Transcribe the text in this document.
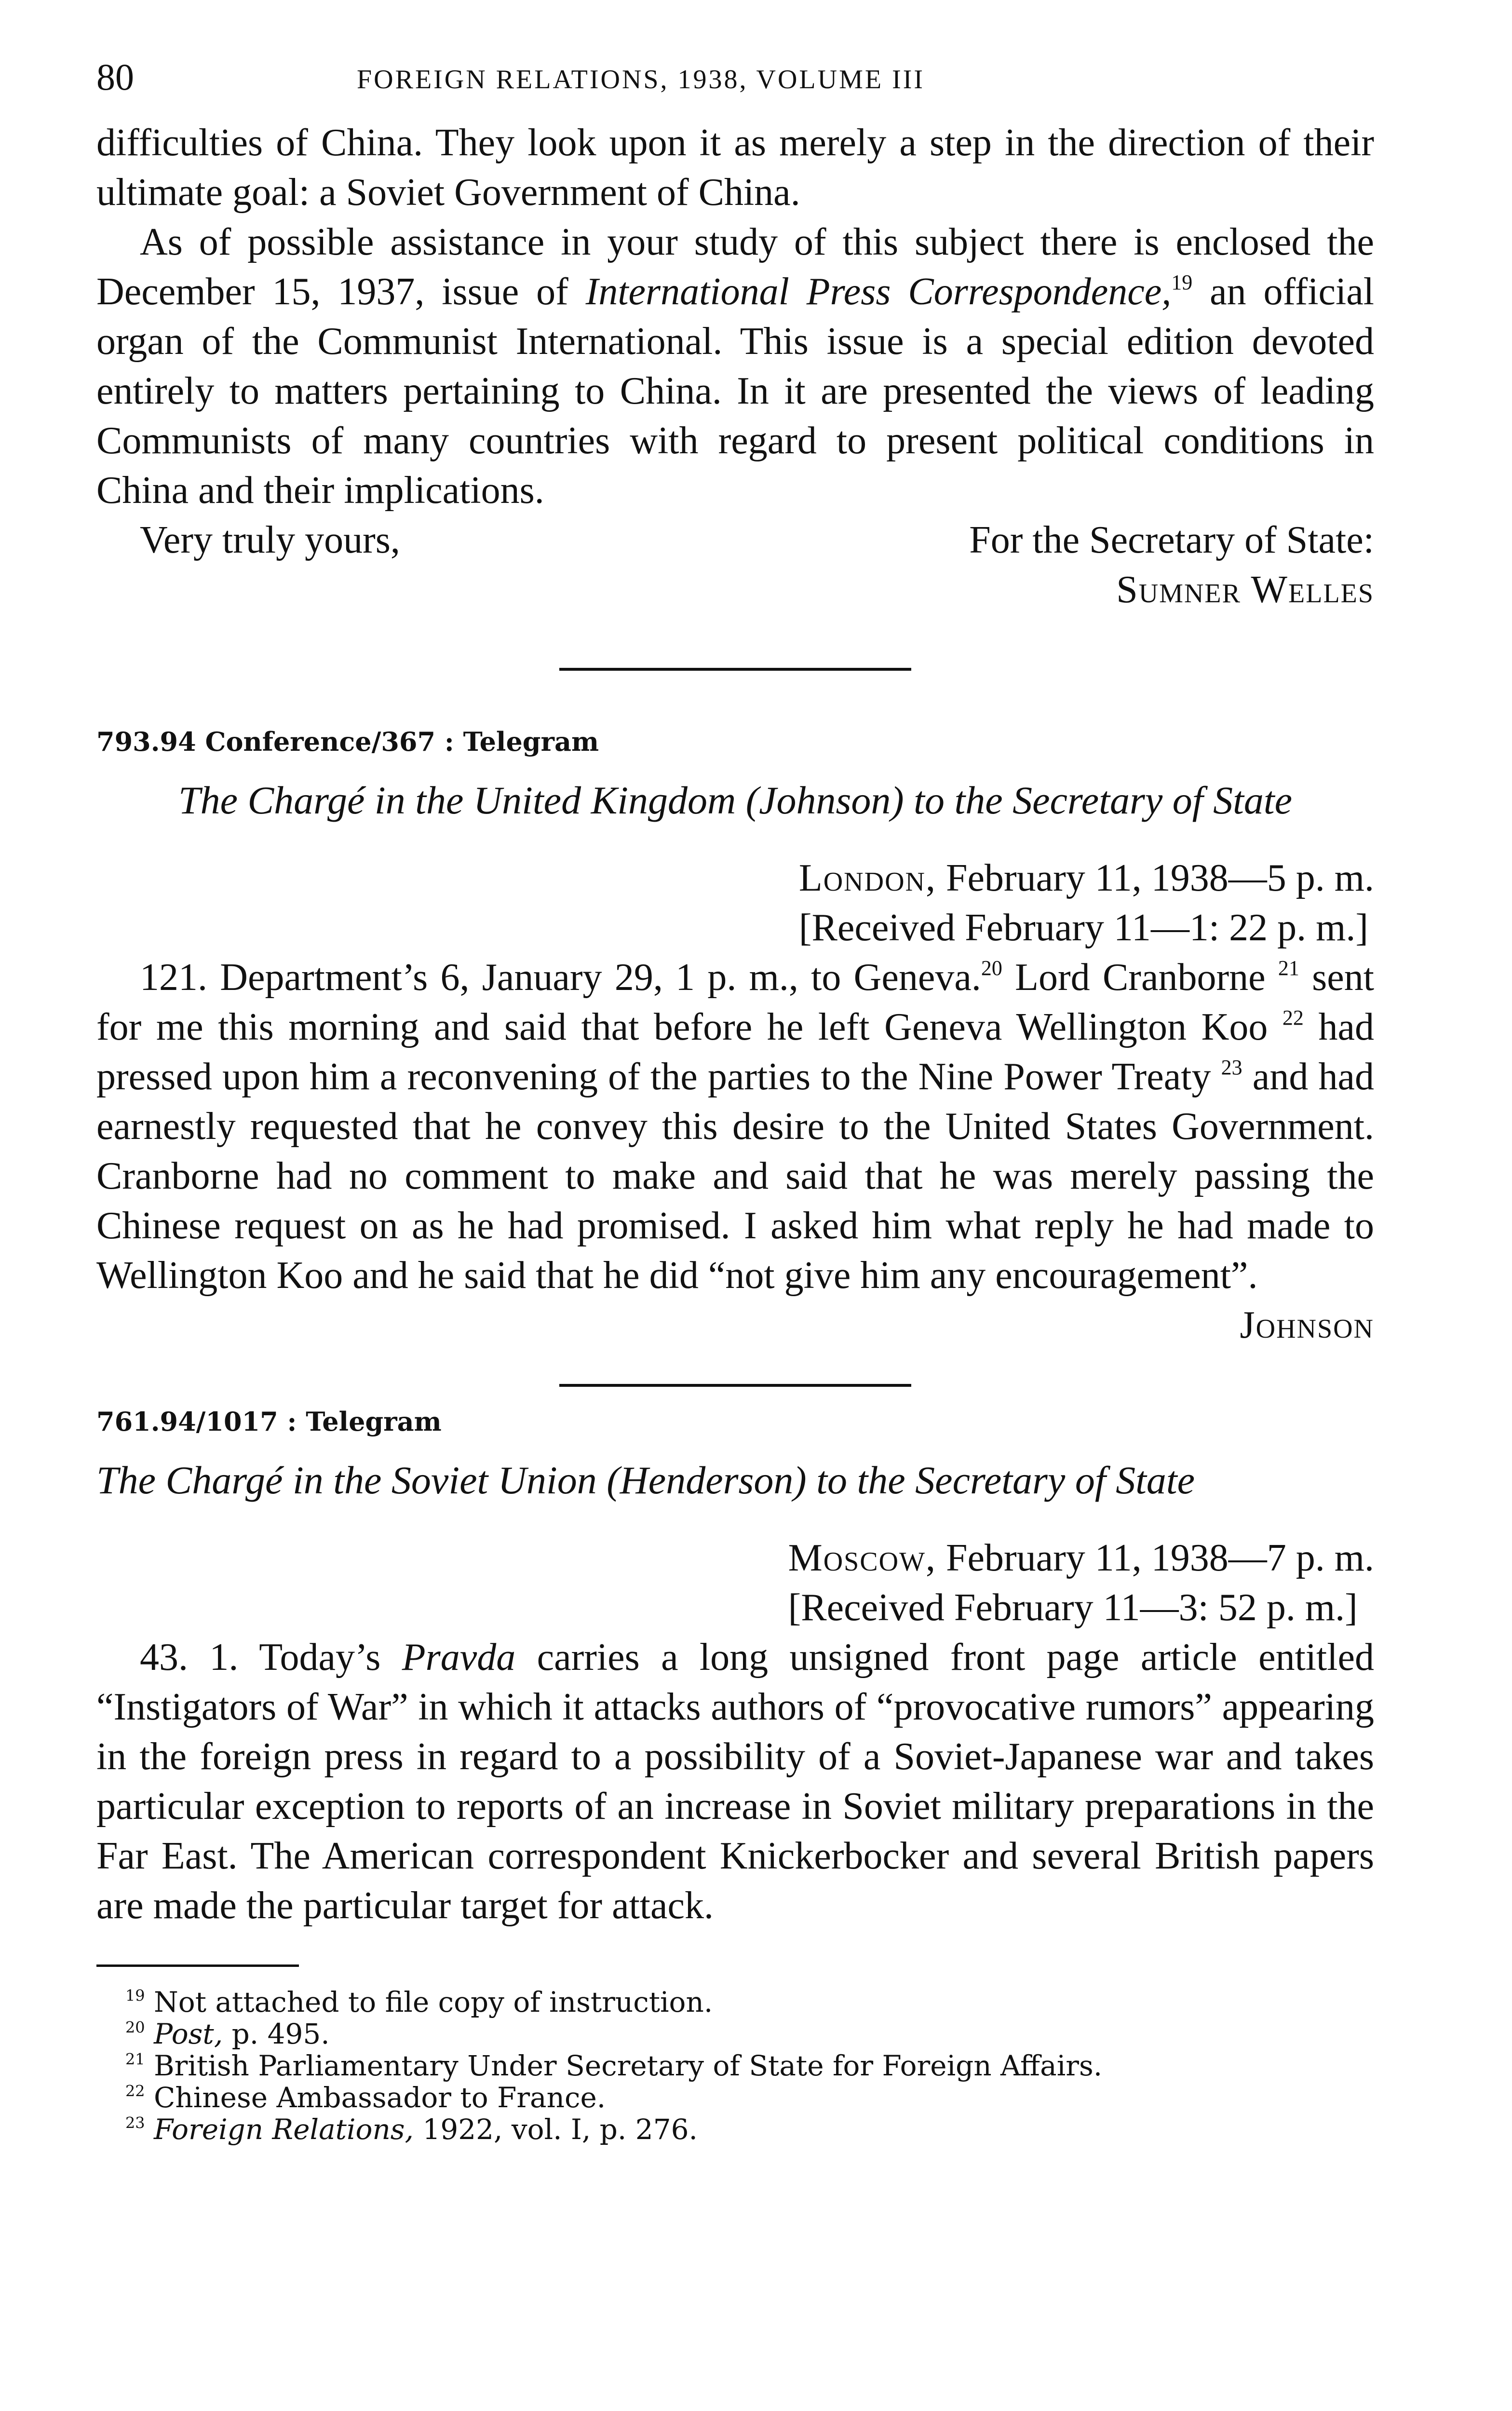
80	FOREIGN RELATIONS, 1938, VOLUME III

difficulties of China. They look upon it as merely a step in the direction of their ultimate goal: a Soviet Government of China.

As of possible assistance in your study of this subject there is enclosed the December 15, 1937, issue of International Press Correspondence,$^{19}$ an official organ of the Communist International. This issue is a special edition devoted entirely to matters pertaining to China. In it are presented the views of leading Communists of many countries with regard to present political conditions in China and their implications.

Very truly yours,	For the Secretary of State:
Sumner Welles
793.94 Conference/367 : Telegram
The Chargé in the United Kingdom (Johnson) to the Secretary of State
London, February 11, 1938—5 p. m.
[Received February 11—1: 22 p. m.]

121. Department’s 6, January 29, 1 p. m., to Geneva.$^{20}$ Lord Cranborne $^{21}$ sent for me this morning and said that before he left Geneva Wellington Koo $^{22}$ had pressed upon him a reconvening of the parties to the Nine Power Treaty $^{23}$ and had earnestly requested that he convey this desire to the United States Government. Cranborne had no comment to make and said that he was merely passing the Chinese request on as he had promised. I asked him what reply he had made to Wellington Koo and he said that he did “not give him any encouragement”.

Johnson
761.94/1017 : Telegram
The Chargé in the Soviet Union (Henderson) to the Secretary of State
Moscow, February 11, 1938—7 p. m.
[Received February 11—3: 52 p. m.]

43. 1. Today’s Pravda carries a long unsigned front page article entitled “Instigators of War” in which it attacks authors of “provocative rumors” appearing in the foreign press in regard to a possibility of a Soviet-Japanese war and takes particular exception to reports of an increase in Soviet military preparations in the Far East. The American correspondent Knickerbocker and several British papers are made the particular target for attack.

$^{19}$ Not attached to file copy of instruction.
$^{20}$ Post, p. 495.
$^{21}$ British Parliamentary Under Secretary of State for Foreign Affairs.
$^{22}$ Chinese Ambassador to France.
$^{23}$ Foreign Relations, 1922, vol. I, p. 276.
